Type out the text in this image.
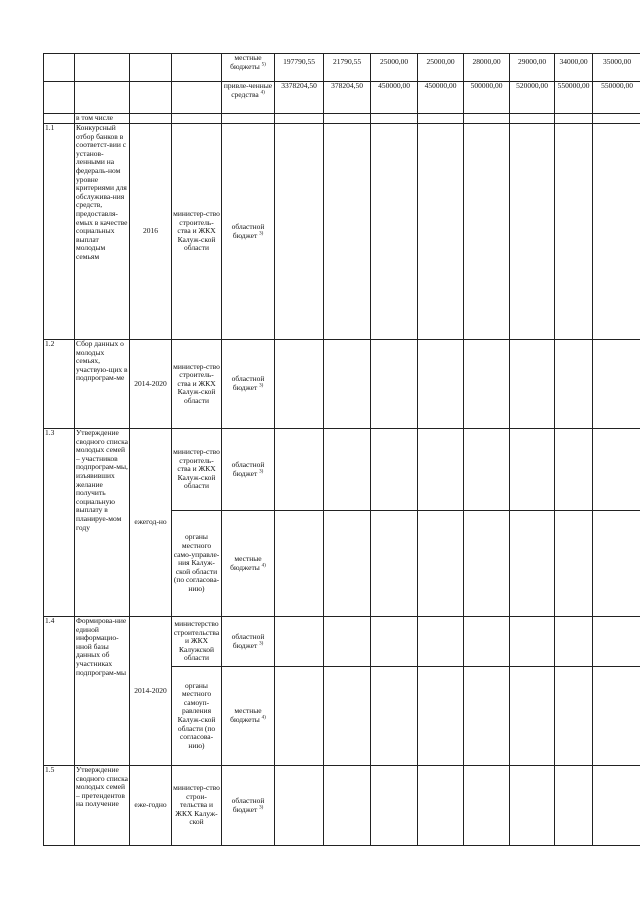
				местные бюджеты $^{5)}$	197790,55	21790,55	25000,00	25000,00	28000,00	29000,00	34000,00	35000,00
				привле-ченные средства $^{4)}$	3378204,50	378204,50	450000,00	450000,00	500000,00	520000,00	550000,00	550000,00
	в том числе											
1.1	Конкурсный отбор банков в соответст-вии с установ-ленными на федераль-ном уровне критериями для обслужива-ния средств, предоставля-емых в качестве социальных выплат молодым семьям	2016	министер-ство строитель-ства и ЖКХ Калуж-ской области	областной бюджет $^{3)}$								
1.2	Сбор данных о молодых семьях, участвую-щих в подпрограм-ме	2014-2020	министер-ство строитель-ства и ЖКХ Калуж-ской области	областной бюджет $^{3)}$								
1.3	Утверждение сводного списка молодых семей – участников подпрограм-мы, изъявивших желание получить социальную выплату в планируе-мом году	ежегод-но	министер-ство строитель-ства и ЖКХ Калуж-ской области	областной бюджет $^{3)}$								
			органы местного само-управле-ния Калуж-ской области (по согласова-нию)	местные бюджеты $^{4)}$								
1.4	Формирова-ние единой информацио-нной базы данных об участниках подпрограм-мы	2014-2020	министерство строительства и ЖКХ Калужской области	областной бюджет $^{3)}$								
			органы местного самоуп-равления Калуж-ской области (по согласова-нию)	местные бюджеты $^{4)}$								
1.5	Утверждение сводного списка молодых семей – претендентов на получение	еже-годно	министер-ство строи-тельства и ЖКХ Калуж-ской	областной бюджет $^{3)}$								
